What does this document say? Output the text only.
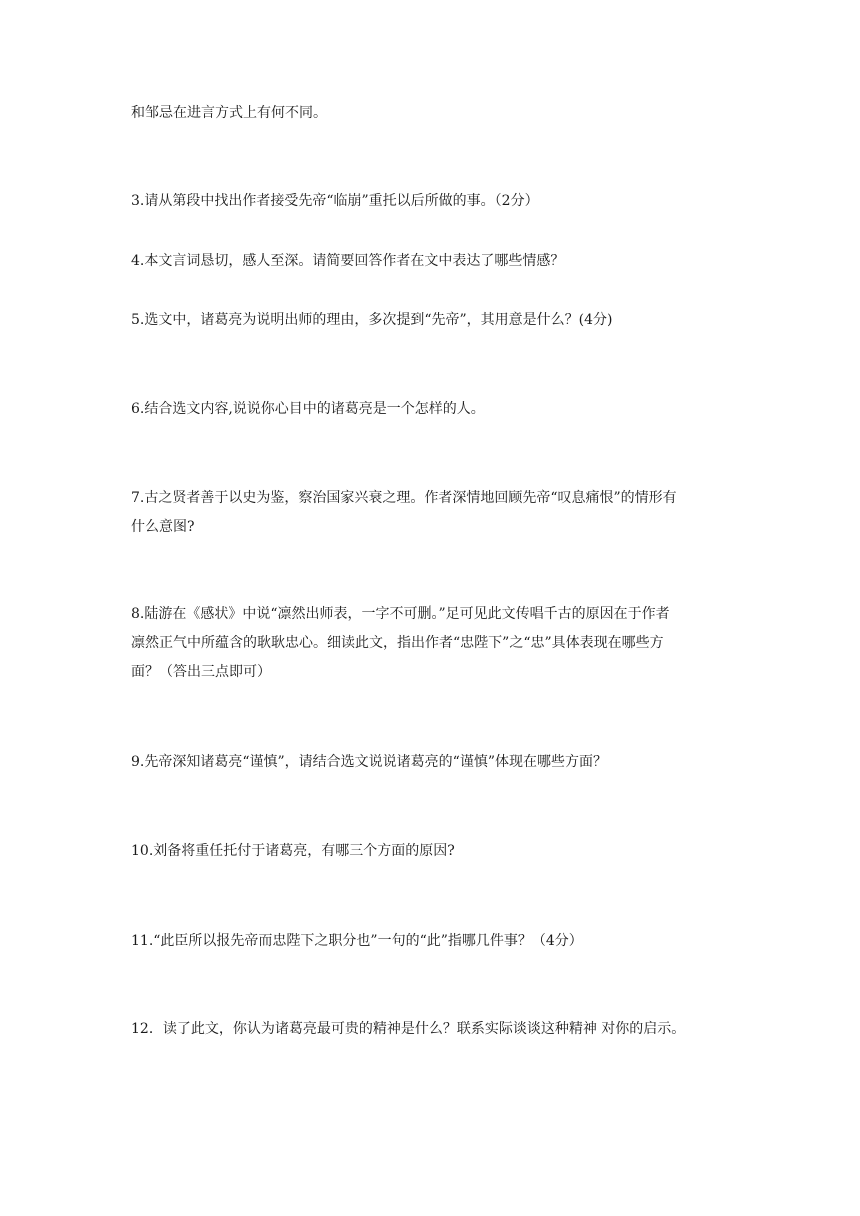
和邹忌在进言方式上有何不同。
3.请从第段中找出作者接受先帝“临崩”重托以后所做的事。（2分）
4.本文言词恳切，感人至深。请简要回答作者在文中表达了哪些情感？
5.选文中，诸葛亮为说明出师的理由，多次提到“先帝”，其用意是什么？(4分)
6.结合选文内容,说说你心目中的诸葛亮是一个怎样的人。
7.古之贤者善于以史为鉴，察治国家兴衰之理。作者深情地回顾先帝“叹息痛恨”的情形有
什么意图?
8.陆游在《感状》中说“凛然出师表，一字不可删。”足可见此文传唱千古的原因在于作者
凛然正气中所蕴含的耿耿忠心。细读此文，指出作者“忠陛下”之“忠”具体表现在哪些方
面？（答出三点即可）
9.先帝深知诸葛亮“谨慎”，请结合选文说说诸葛亮的“谨慎”体现在哪些方面？
10.刘备将重任托付于诸葛亮，有哪三个方面的原因?
11.“此臣所以报先帝而忠陛下之职分也”一句的“此”指哪几件事？（4分）
12．读了此文，你认为诸葛亮最可贵的精神是什么？联系实际谈谈这种精神 对你的启示。
